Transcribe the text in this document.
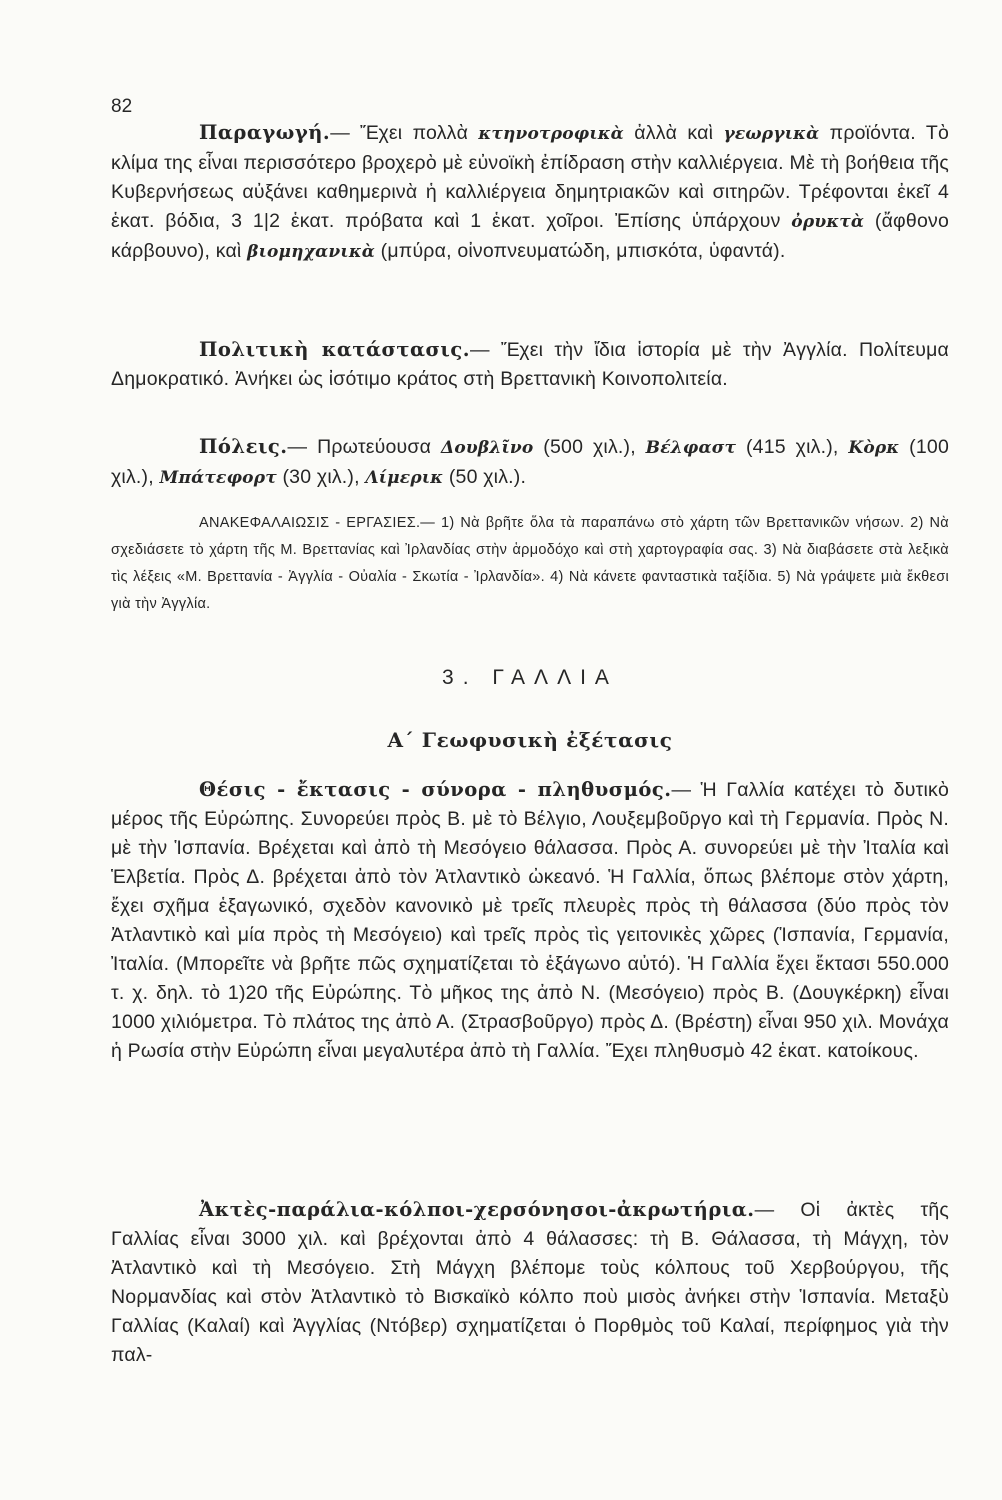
82

Παραγωγή.— Ἔχει πολλὰ κτηνοτροφικὰ ἀλλὰ καὶ γεωργικὰ προϊόντα. Τὸ κλίμα της εἶναι περισσότερο βροχερὸ μὲ εὐνοϊκὴ ἐπίδραση στὴν καλλιέργεια. Μὲ τὴ βοήθεια τῆς Κυβερνήσεως αὐξάνει καθημερινὰ ἡ καλλιέργεια δημητριακῶν καὶ σιτηρῶν. Τρέφονται ἐκεῖ 4 ἑκατ. βόδια, 3 1|2 ἑκατ. πρόβατα καὶ 1 ἑκατ. χοῖροι. Ἐπίσης ὑπάρχουν ὀρυκτὰ (ἄφθονο κάρβουνο), καὶ βιομηχανικὰ (μπύρα, οἰνοπνευματώδη, μπισκότα, ὑφαντά).

Πολιτικὴ κατάστασις.— Ἔχει τὴν ἴδια ἱστορία μὲ τὴν Ἀγγλία. Πολίτευμα Δημοκρατικό. Ἀνήκει ὡς ἰσότιμο κράτος στὴ Βρεττανικὴ Κοινοπολιτεία.

Πόλεις.— Πρωτεύουσα Δουβλῖνο (500 χιλ.), Βέλφαστ (415 χιλ.), Κὸρκ (100 χιλ.), Μπάτεφορτ (30 χιλ.), Λίμερικ (50 χιλ.).

ΑΝΑΚΕΦΑΛΑΙΩΣΙΣ - ΕΡΓΑΣΙΕΣ.— 1) Νὰ βρῆτε ὅλα τὰ παραπάνω στὸ χάρτη τῶν Βρεττανικῶν νήσων. 2) Νὰ σχεδιάσετε τὸ χάρτη τῆς Μ. Βρεττανίας καὶ Ἰρλανδίας στὴν ἁρμοδόχο καὶ στὴ χαρτογραφία σας. 3) Νὰ διαβάσετε στὰ λεξικὰ τὶς λέξεις «Μ. Βρεττανία - Ἀγγλία - Οὐαλία - Σκωτία - Ἰρλανδία». 4) Νὰ κάνετε φανταστικὰ ταξίδια. 5) Νὰ γράψετε μιὰ ἔκθεσι γιὰ τὴν Ἀγγλία.

3. ΓΑΛΛΙΑ
Α΄ Γεωφυσικὴ ἐξέτασις

Θέσις - ἔκτασις - σύνορα - πληθυσμός.— Ἡ Γαλλία κατέχει τὸ δυτικὸ μέρος τῆς Εὐρώπης. Συνορεύει πρὸς Β. μὲ τὸ Βέλγιο, Λουξεμβοῦργο καὶ τὴ Γερμανία. Πρὸς Ν. μὲ τὴν Ἱσπανία. Βρέχεται καὶ ἀπὸ τὴ Μεσόγειο θάλασσα. Πρὸς Α. συνορεύει μὲ τὴν Ἰταλία καὶ Ἑλβετία. Πρὸς Δ. βρέχεται ἀπὸ τὸν Ἀτλαντικὸ ὠκεανό. Ἡ Γαλλία, ὅπως βλέπομε στὸν χάρτη, ἔχει σχῆμα ἑξαγωνικό, σχεδὸν κανονικὸ μὲ τρεῖς πλευρὲς πρὸς τὴ θάλασσα (δύο πρὸς τὸν Ἀτλαντικὸ καὶ μία πρὸς τὴ Μεσόγειο) καὶ τρεῖς πρὸς τὶς γειτονικὲς χῶρες (Ἱσπανία, Γερμανία, Ἰταλία. (Μπορεῖτε νὰ βρῆτε πῶς σχηματίζεται τὸ ἑξάγωνο αὐτό). Ἡ Γαλλία ἔχει ἔκτασι 550.000 τ. χ. δηλ. τὸ 1)20 τῆς Εὐρώπης. Τὸ μῆκος της ἀπὸ Ν. (Μεσόγειο) πρὸς Β. (Δουγκέρκη) εἶναι 1000 χιλιόμετρα. Τὸ πλάτος της ἀπὸ Α. (Στρασβοῦργο) πρὸς Δ. (Βρέστη) εἶναι 950 χιλ. Μονάχα ἡ Ρωσία στὴν Εὐρώπη εἶναι μεγαλυτέρα ἀπὸ τὴ Γαλλία. Ἔχει πληθυσμὸ 42 ἑκατ. κατοίκους.

Ἀκτὲς-παράλια-κόλποι-χερσόνησοι-ἀκρωτήρια.— Οἱ ἀκτὲς τῆς Γαλλίας εἶναι 3000 χιλ. καὶ βρέχονται ἀπὸ 4 θάλασσες: τὴ Β. Θάλασσα, τὴ Μάγχη, τὸν Ἀτλαντικὸ καὶ τὴ Μεσόγειο. Στὴ Μάγχη βλέπομε τοὺς κόλπους τοῦ Χερβούργου, τῆς Νορμανδίας καὶ στὸν Ἀτλαντικὸ τὸ Βισκαϊκὸ κόλπο ποὺ μισὸς ἀνήκει στὴν Ἱσπανία. Μεταξὺ Γαλλίας (Καλαί) καὶ Ἀγγλίας (Ντόβερ) σχηματίζεται ὁ Πορθμὸς τοῦ Καλαί, περίφημος γιὰ τὴν παλ-
